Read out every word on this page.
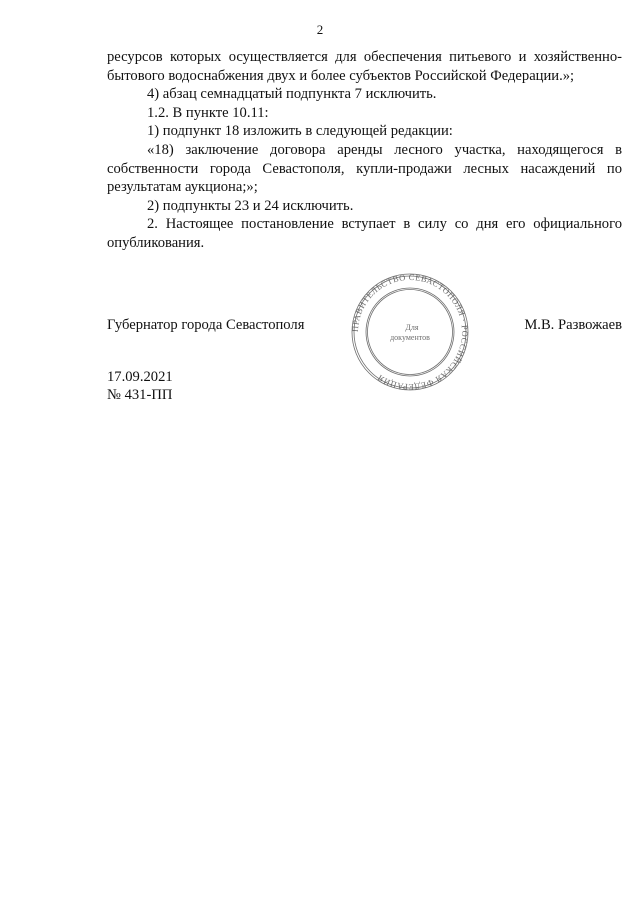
2

ресурсов которых осуществляется для обеспечения питьевого и хозяйственно-бытового водоснабжения двух и более субъектов Российской Федерации.»;

4) абзац семнадцатый подпункта 7 исключить.

1.2. В пункте 10.11:

1) подпункт 18 изложить в следующей редакции:

«18) заключение договора аренды лесного участка, находящегося в собственности города Севастополя, купли-продажи лесных насаждений по результатам аукциона;»;

2) подпункты 23 и 24 исключить.

2. Настоящее постановление вступает в силу со дня его официального опубликования.

Губернатор города Севастополя	ПРАВИТЕЛЬСТВО СЕВАСТОПОЛЯ · РОССИЙСКАЯ ФЕДЕРАЦИЯ
Для
документов
М.В. Развожаев
17.09.2021
№ 431-ПП
